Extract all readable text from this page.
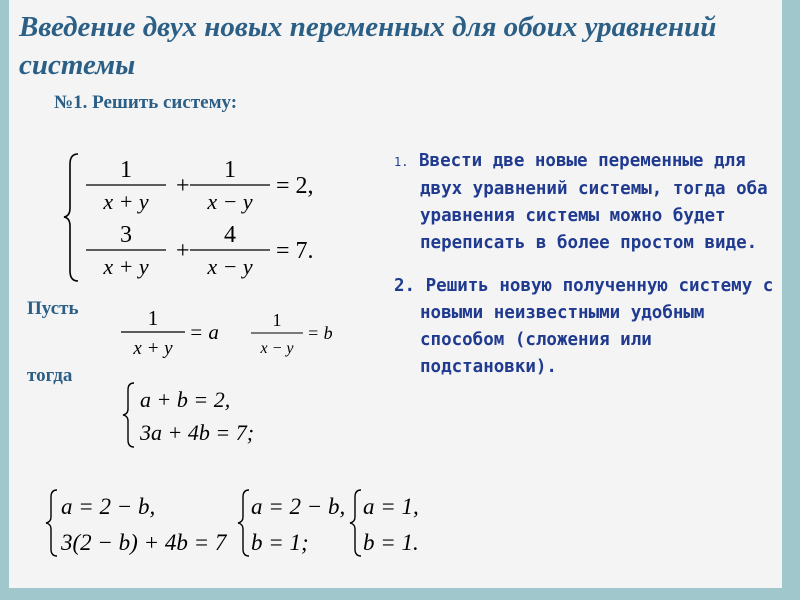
Введение двух новых переменных для обоих уравнений системы
№1. Решить систему:
1
x + y
+
1
x − y
= 2,
3
x + y
+
4
x − y
= 7.
Пусть	1
x + y
= a	1
x − y
= b
тогда
a + b = 2,
3a + 4b = 7;
a = 2 − b,
3(2 − b) + 4b = 7
a = 2 − b,
b = 1;
a = 1,
b = 1.

1. Ввести две новые переменные для двух уравнений системы, тогда оба уравнения системы можно будет переписать в более простом виде.

2. Решить новую полученную систему с новыми неизвестными удобным способом (сложения или подстановки).
